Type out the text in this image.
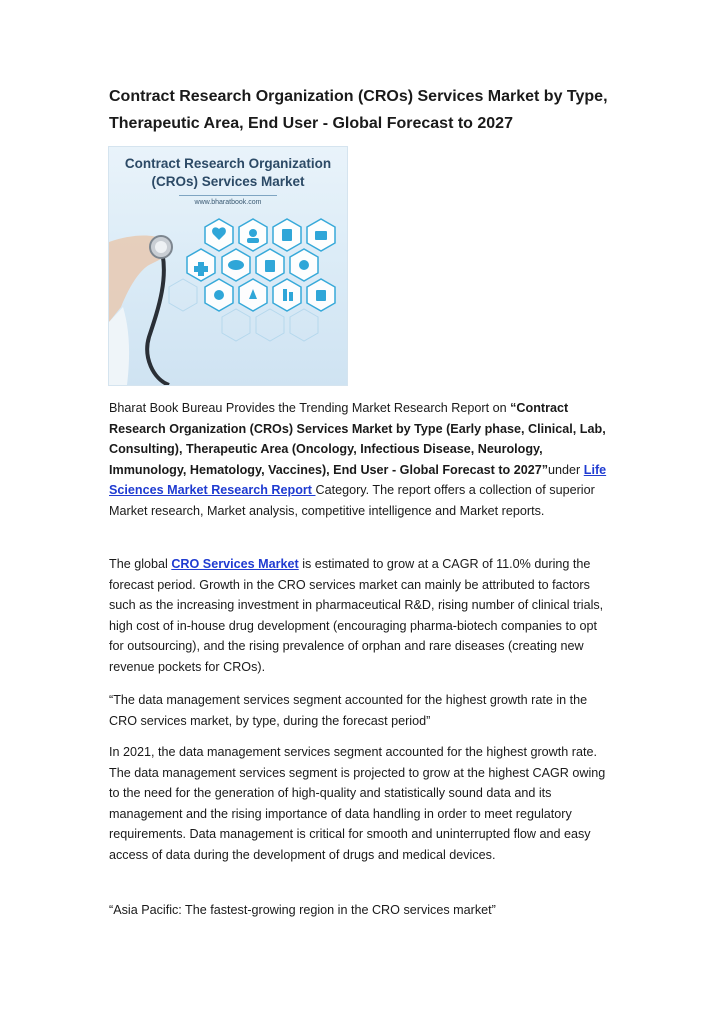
Contract Research Organization (CROs) Services Market by Type, Therapeutic Area, End User - Global Forecast to 2027
Contract Research Organization
(CROs) Services Market
www.bharatbook.com

Bharat Book Bureau Provides the Trending Market Research Report on “Contract Research Organization (CROs) Services Market by Type (Early phase, Clinical, Lab, Consulting), Therapeutic Area (Oncology, Infectious Disease, Neurology, Immunology, Hematology, Vaccines), End User - Global Forecast to 2027”under Life Sciences Market Research Report Category. The report offers a collection of superior Market research, Market analysis, competitive intelligence and Market reports.

The global CRO Services Market is estimated to grow at a CAGR of 11.0% during the forecast period. Growth in the CRO services market can mainly be attributed to factors such as the increasing investment in pharmaceutical R&D, rising number of clinical trials, high cost of in-house drug development (encouraging pharma-biotech companies to opt for outsourcing), and the rising prevalence of orphan and rare diseases (creating new revenue pockets for CROs).

“The data management services segment accounted for the highest growth rate in the CRO services market, by type, during the forecast period”

In 2021, the data management services segment accounted for the highest growth rate. The data management services segment is projected to grow at the highest CAGR owing to the need for the generation of high-quality and statistically sound data and its management and the rising importance of data handling in order to meet regulatory requirements. Data management is critical for smooth and uninterrupted flow and easy access of data during the development of drugs and medical devices.

“Asia Pacific: The fastest-growing region in the CRO services market”
